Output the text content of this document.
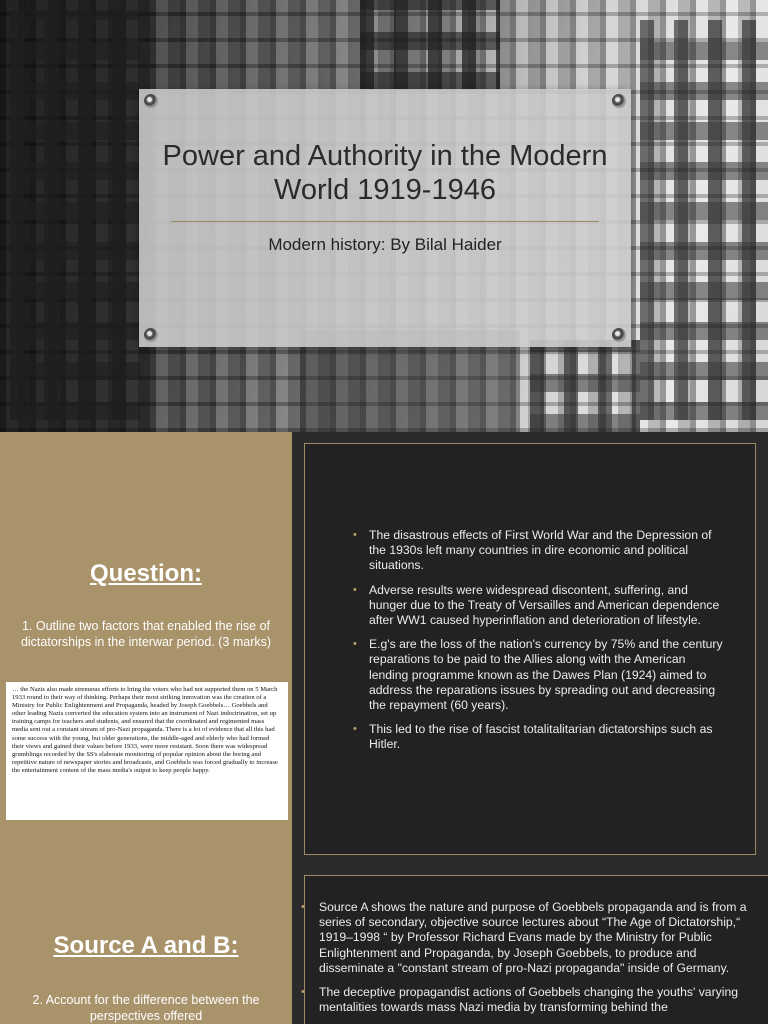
Power and Authority in the Modern World 1919-1946

Modern history: By Bilal Haider

Question:

1. Outline two factors that enabled the rise of dictatorships in the interwar period. (3 marks)

… the Nazis also made strenuous efforts to bring the voters who had not supported them on 5 March 1933 round to their way of thinking. Perhaps their most striking innovation was the creation of a Ministry for Public Enlightenment and Propaganda, headed by Joseph Goebbels… Goebbels and other leading Nazis converted the education system into an instrument of Nazi indoctrination, set up training camps for teachers and students, and ensured that the coordinated and regimented mass media sent out a constant stream of pro-Nazi propaganda. There is a lot of evidence that all this had some success with the young, but older generations, the middle-aged and elderly who had formed their views and gained their values before 1933, were more resistant. Soon there was widespread grumblings recorded by the SS's elaborate monitoring of popular opinion about the boring and repetitive nature of newspaper stories and broadcasts, and Goebbels was forced gradually to increase the entertainment content of the mass media's output to keep people happy.
• The disastrous effects of First World War and the Depression of the 1930s left many countries in dire economic and political situations.
• Adverse results were widespread discontent, suffering, and hunger due to the Treaty of Versailles and American dependence after WW1 caused hyperinflation and deterioration of lifestyle.
• E.g's are the loss of the nation's currency by 75% and the century reparations to be paid to the Allies along with the American lending programme known as the Dawes Plan (1924) aimed to address the reparations issues by spreading out and decreasing the repayment (60 years).
• This led to the rise of fascist totalitalitarian dictatorships such as Hitler.
Source A and B:

2. Account for the difference between the perspectives offered

• Source A shows the nature and purpose of Goebbels propaganda and is from a series of secondary, objective source lectures about “The Age of Dictatorship,“ 1919–1998 “ by Professor Richard Evans made by the Ministry for Public Enlightenment and Propaganda, by Joseph Goebbels, to produce and disseminate a "constant stream of pro-Nazi propaganda" inside of Germany.
• The deceptive propagandist actions of Goebbels changing the youths' varying mentalities towards mass Nazi media by transforming behind the
